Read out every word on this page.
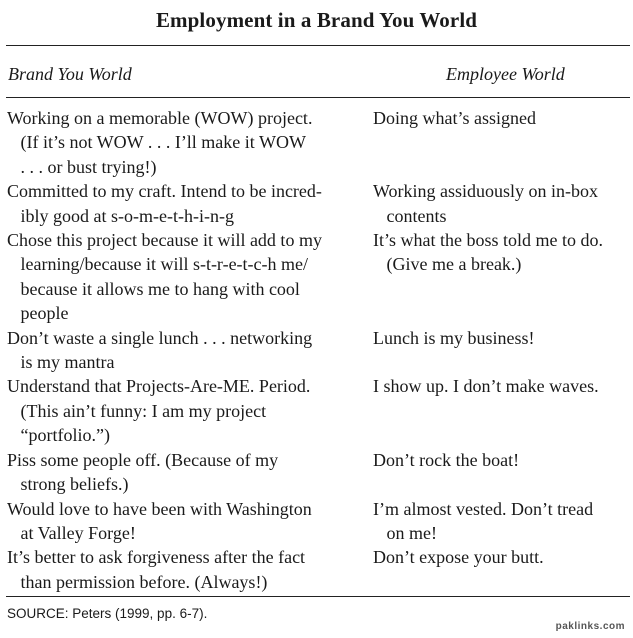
Employment in a Brand You World
Brand You World	Employee World
Working on a memorable (WOW) project.
(If it’s not WOW . . . I’ll make it WOW
. . . or bust trying!)
Doing what’s assigned
Committed to my craft. Intend to be incred-
ibly good at s-o-m-e-t-h-i-n-g
Working assiduously on in-box
contents
Chose this project because it will add to my
learning/because it will s-t-r-e-t-c-h me/
because it allows me to hang with cool
people
It’s what the boss told me to do.
(Give me a break.)
Don’t waste a single lunch . . . networking
is my mantra
Lunch is my business!
Understand that Projects-Are-ME. Period.
(This ain’t funny: I am my project
“portfolio.”)
I show up. I don’t make waves.
Piss some people off. (Because of my
strong beliefs.)
Don’t rock the boat!
Would love to have been with Washington
at Valley Forge!
I’m almost vested. Don’t tread
on me!
It’s better to ask forgiveness after the fact
than permission before. (Always!)
Don’t expose your butt.
SOURCE: Peters (1999, pp. 6-7).
paklinks.com
